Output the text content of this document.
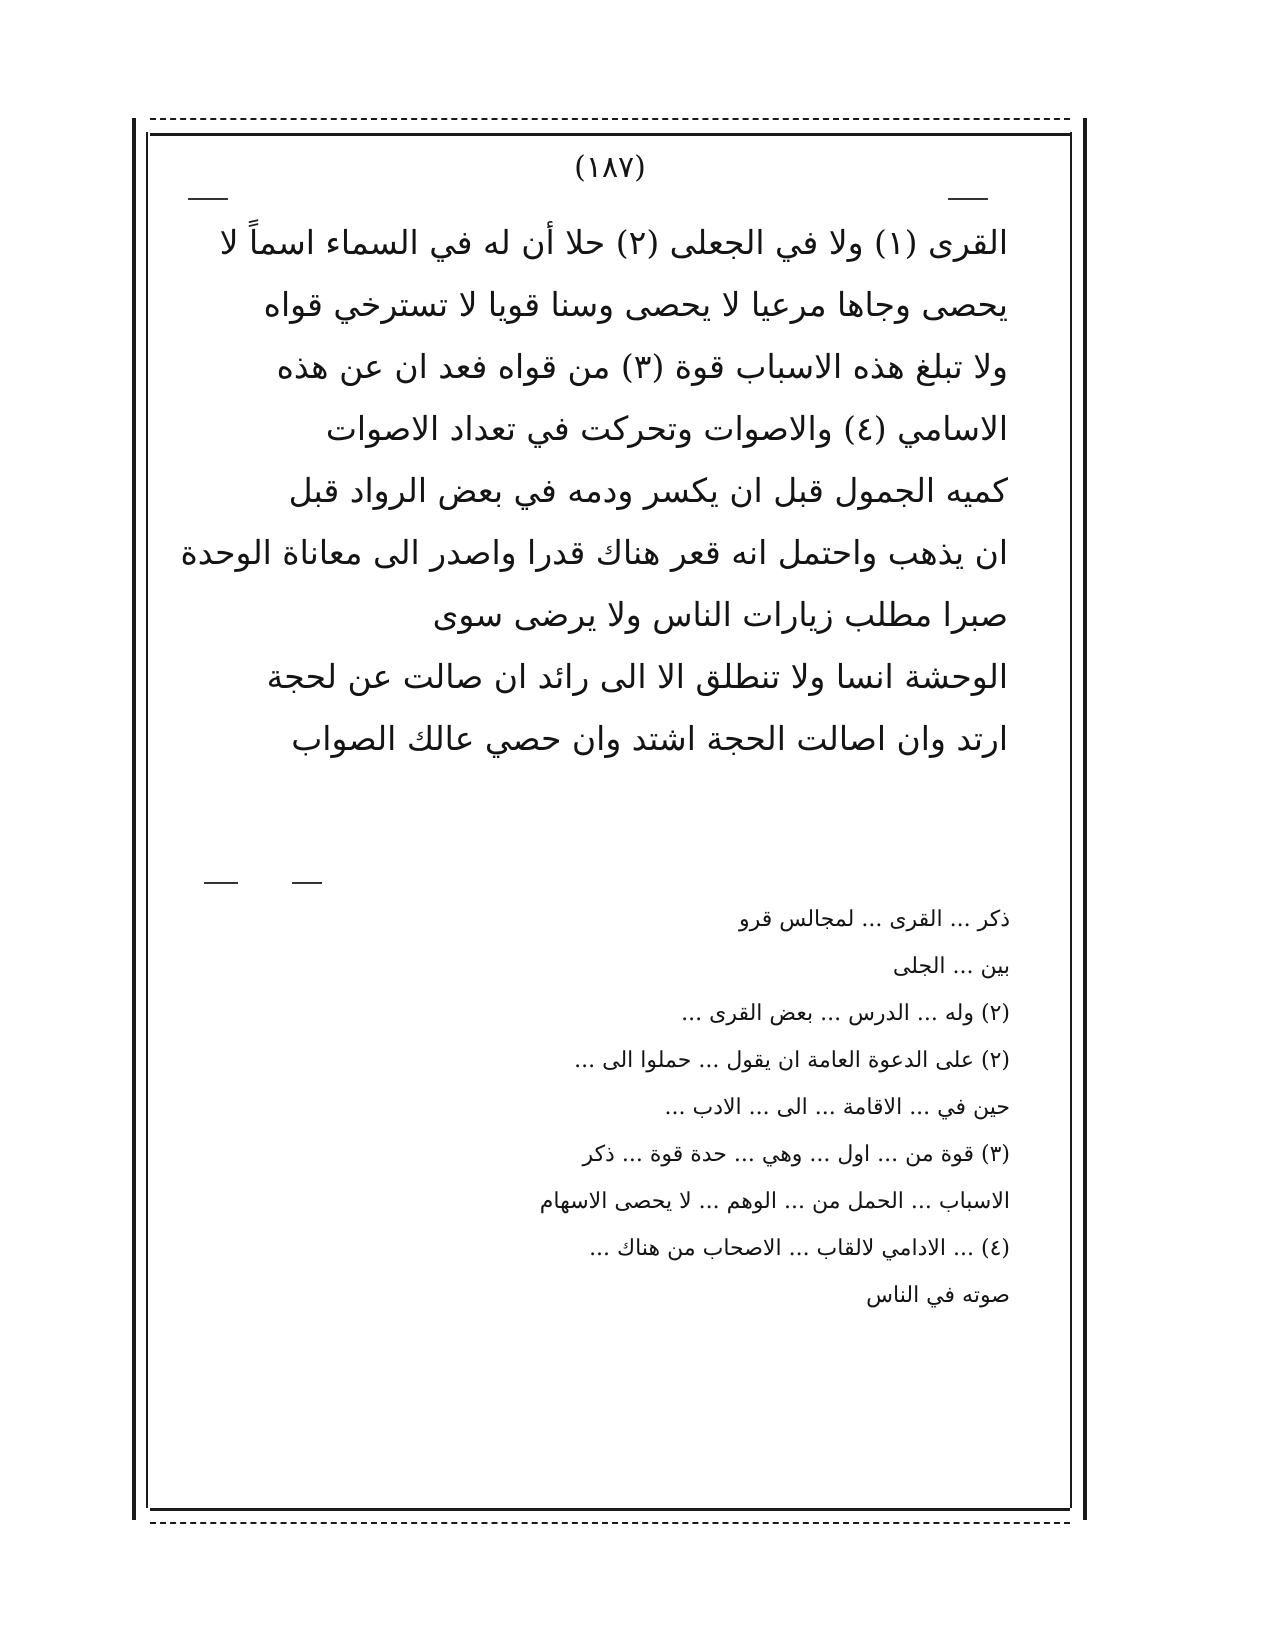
(١٨٧)
القرى (١) ولا في الجعلى (٢) حلا أن له في السماء اسماً لا
يحصى وجاها مرعيا لا يحصى وسنا قويا لا تسترخي قواه
ولا تبلغ هذه الاسباب قوة (٣) من قواه فعد ان عن هذه
الاسامي (٤) والاصوات وتحركت في تعداد الاصوات
كميه الجمول قبل ان يكسر ودمه في بعض الرواد قبل
ان يذهب واحتمل انه قعر هناك قدرا واصدر الى معاناة الوحدة
صبرا مطلب زيارات الناس ولا يرضى سوى
الوحشة انسا ولا تنطلق الا الى رائد ان صالت عن لحجة
ارتد وان اصالت الحجة اشتد وان حصي عالك الصواب
ذكر ... القرى ... لمجالس قرو
بين ... الجلى
(٢) وله ... الدرس ... بعض القرى ...
(٢) على الدعوة العامة ان يقول ... حملوا الى ...
حين في ... الاقامة ... الى ... الادب ...
(٣) قوة من ... اول ... وهي ... حدة قوة ... ذكر
الاسباب ... الحمل من ... الوهم ... لا يحصى الاسهام
(٤) ... الادامي لالقاب ... الاصحاب من هناك ...
صوته في الناس
